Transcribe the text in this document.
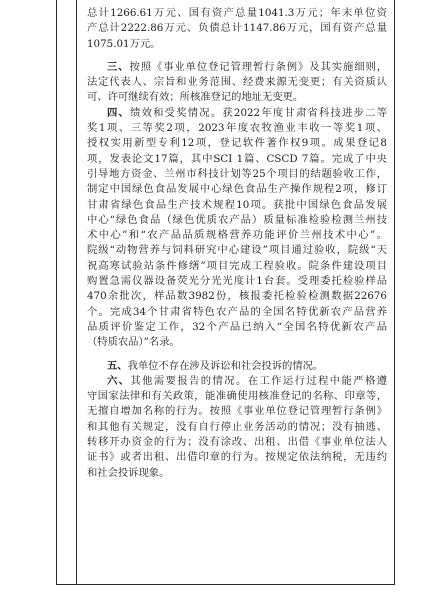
总计1266.61万元、国有资产总量1041.3万元；年末单位资
产总计2222.86万元、负债总计1147.86万元，国有资产总量
1075.01万元。
三、按照《事业单位登记管理暂行条例》及其实施细则，
法定代表人、宗旨和业务范围、经费来源无变更；有关资质认
可、许可继续有效；所核准登记的地址无变更。
四、绩效和受奖情况。获2022年度甘肃省科技进步二等
奖1项、三等奖2项，2023年度农牧渔业丰收一等奖1项、
授权实用新型专利12项，登记软件著作权9项。成果登记8
项，发表论文17篇，其中SCI 1篇、CSCD 7篇。完成了中央
引导地方资金、兰州市科技计划等25个项目的结题验收工作，
制定中国绿色食品发展中心绿色食品生产操作规程2项，修订
甘肃省绿色食品生产技术规程10项。获批中国绿色食品发展
中心“绿色食品（绿色优质农产品）质量标准检验检测兰州技
术中心”和“农产品品质规格营养功能评价兰州技术中心”。
院级“动物营养与饲料研究中心建设”项目通过验收，院级“天
祝高寒试验站条件修缮”项目完成工程验收。院条件建设项目
购置急需仪器设备荧光分光光度计1台套。受理委托检验样品
470余批次，样品数3982份，核报委托检验检测数据22676
个。完成34个甘肃省特色农产品的全国名特优新农产品营养
品质评价鉴定工作，32个产品已纳入“全国名特优新农产品
（特质农品）”名录。
五、我单位不存在涉及诉讼和社会投诉的情况。
六、其他需要报告的情况。在工作运行过程中能严格遵
守国家法律和有关政策，能准确使用核准登记的名称、印章等，
无擅自增加名称的行为。按照《事业单位登记管理暂行条例》
和其他有关规定，没有自行停止业务活动的情况；没有抽逃、
转移开办资金的行为；没有涂改、出租、出借《事业单位法人
证书》或者出租、出借印章的行为。按规定依法纳税，无违约
和社会投诉现象。
